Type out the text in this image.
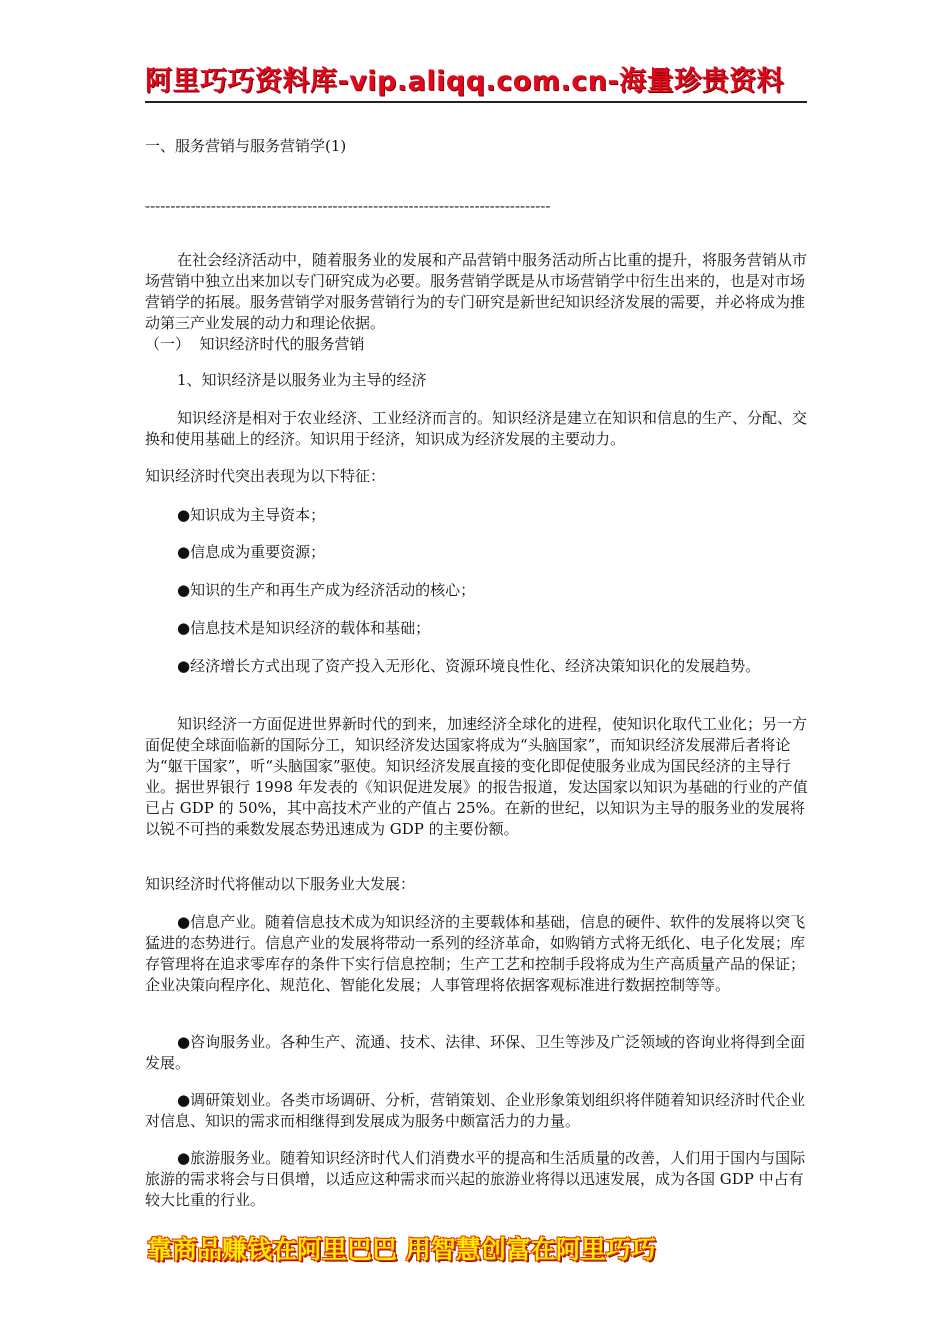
阿里巧巧资料库-vip.aliqq.com.cn-海量珍贵资料

一、服务营销与服务营销学(1)

--------------------------------------------------------------------------------

在社会经济活动中，随着服务业的发展和产品营销中服务活动所占比重的提升，将服务营销从市场营销中独立出来加以专门研究成为必要。服务营销学既是从市场营销学中衍生出来的，也是对市场营销学的拓展。服务营销学对服务营销行为的专门研究是新世纪知识经济发展的需要，并必将成为推动第三产业发展的动力和理论依据。

（一）  知识经济时代的服务营销

1、知识经济是以服务业为主导的经济

知识经济是相对于农业经济、工业经济而言的。知识经济是建立在知识和信息的生产、分配、交换和使用基础上的经济。知识用于经济，知识成为经济发展的主要动力。

知识经济时代突出表现为以下特征：

●知识成为主导资本；

●信息成为重要资源；

●知识的生产和再生产成为经济活动的核心；

●信息技术是知识经济的载体和基础；

●经济增长方式出现了资产投入无形化、资源环境良性化、经济决策知识化的发展趋势。

知识经济一方面促进世界新时代的到来，加速经济全球化的进程，使知识化取代工业化；另一方面促使全球面临新的国际分工，知识经济发达国家将成为“头脑国家”，而知识经济发展滞后者将论为“躯干国家”，听“头脑国家”驱使。知识经济发展直接的变化即促使服务业成为国民经济的主导行业。据世界银行 1998 年发表的《知识促进发展》的报告报道，发达国家以知识为基础的行业的产值已占 GDP 的 50%，其中高技术产业的产值占 25%。在新的世纪，以知识为主导的服务业的发展将以锐不可挡的乘数发展态势迅速成为 GDP 的主要份额。

知识经济时代将催动以下服务业大发展：

●信息产业。随着信息技术成为知识经济的主要载体和基础，信息的硬件、软件的发展将以突飞猛进的态势进行。信息产业的发展将带动一系列的经济革命，如购销方式将无纸化、电子化发展；库存管理将在追求零库存的条件下实行信息控制；生产工艺和控制手段将成为生产高质量产品的保证；企业决策向程序化、规范化、智能化发展；人事管理将依据客观标准进行数据控制等等。

●咨询服务业。各种生产、流通、技术、法律、环保、卫生等涉及广泛领域的咨询业将得到全面发展。

●调研策划业。各类市场调研、分析，营销策划、企业形象策划组织将伴随着知识经济时代企业对信息、知识的需求而相继得到发展成为服务中颇富活力的力量。

●旅游服务业。随着知识经济时代人们消费水平的提高和生活质量的改善，人们用于国内与国际旅游的需求将会与日俱增，以适应这种需求而兴起的旅游业将得以迅速发展，成为各国 GDP 中占有较大比重的行业。

靠商品赚钱在阿里巴巴 用智慧创富在阿里巧巧
